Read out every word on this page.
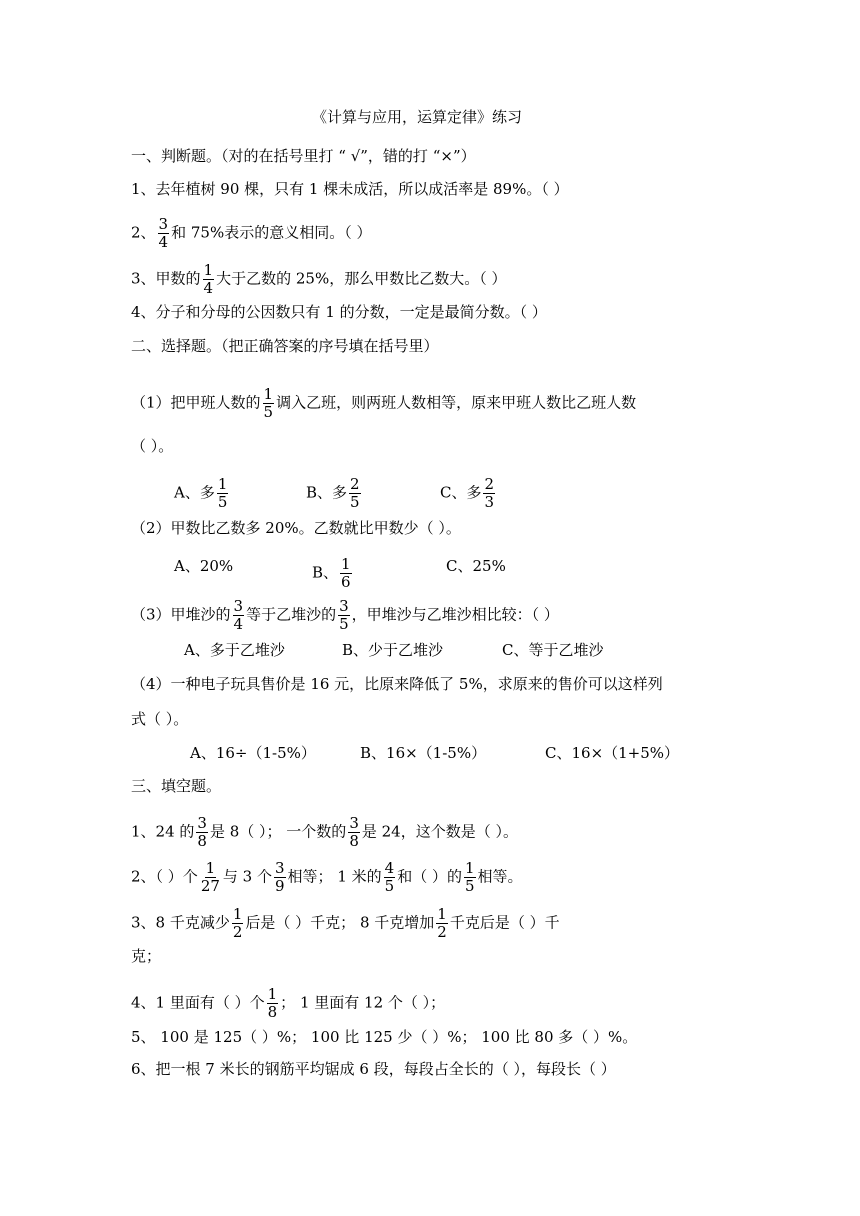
《计算与应用，运算定律》练习
一、判断题。（对的在括号里打 “ √”，错的打 “×”）
1、去年植树 90 棵，只有 1 棵未成活，所以成活率是 89%。（ ）
2、 $\frac{3}{4}$ 和 75%表示的意义相同。（ ）
3、甲数的 $\frac{1}{4}$ 大于乙数的 25%，那么甲数比乙数大。（ ）
4、分子和分母的公因数只有 1 的分数，一定是最简分数。（ ）
二、选择题。（把正确答案的序号填在括号里）
（1）把甲班人数的 $\frac{1}{5}$ 调入乙班，则两班人数相等，原来甲班人数比乙班人数
（ ）。
A、多 $\frac{1}{5}$	B、多 $\frac{2}{5}$	C、多 $\frac{2}{3}$
（2）甲数比乙数多 20%。乙数就比甲数少（ ）。
A、20%	B、 $\frac{1}{6}$	C、25%
（3）甲堆沙的 $\frac{3}{4}$ 等于乙堆沙的 $\frac{3}{5}$ ，甲堆沙与乙堆沙相比较：（ ）
A、多于乙堆沙	B、少于乙堆沙	C、等于乙堆沙
（4）一种电子玩具售价是 16 元，比原来降低了 5%，求原来的售价可以这样列
式（ ）。
A、16÷（1-5%）	B、16×（1-5%）	C、16×（1+5%）
三、填空题。
1、24 的 $\frac{3}{8}$ 是 8（ ）； 一个数的 $\frac{3}{8}$ 是 24，这个数是（ ）。
2、（ ）个 $\frac{1}{27}$ 与 3 个 $\frac{3}{9}$ 相等； 1 米的 $\frac{4}{5}$ 和（ ）的 $\frac{1}{5}$ 相等。
3、8 千克减少 $\frac{1}{2}$ 后是（ ）千克； 8 千克增加 $\frac{1}{2}$ 千克后是（ ）千
克；
4、1 里面有（ ）个 $\frac{1}{8}$ ； 1 里面有 12 个（ ）；
5、 100 是 125（ ）%； 100 比 125 少（ ）%； 100 比 80 多（ ）%。
6、把一根 7 米长的钢筋平均锯成 6 段，每段占全长的（ ），每段长（ ）
